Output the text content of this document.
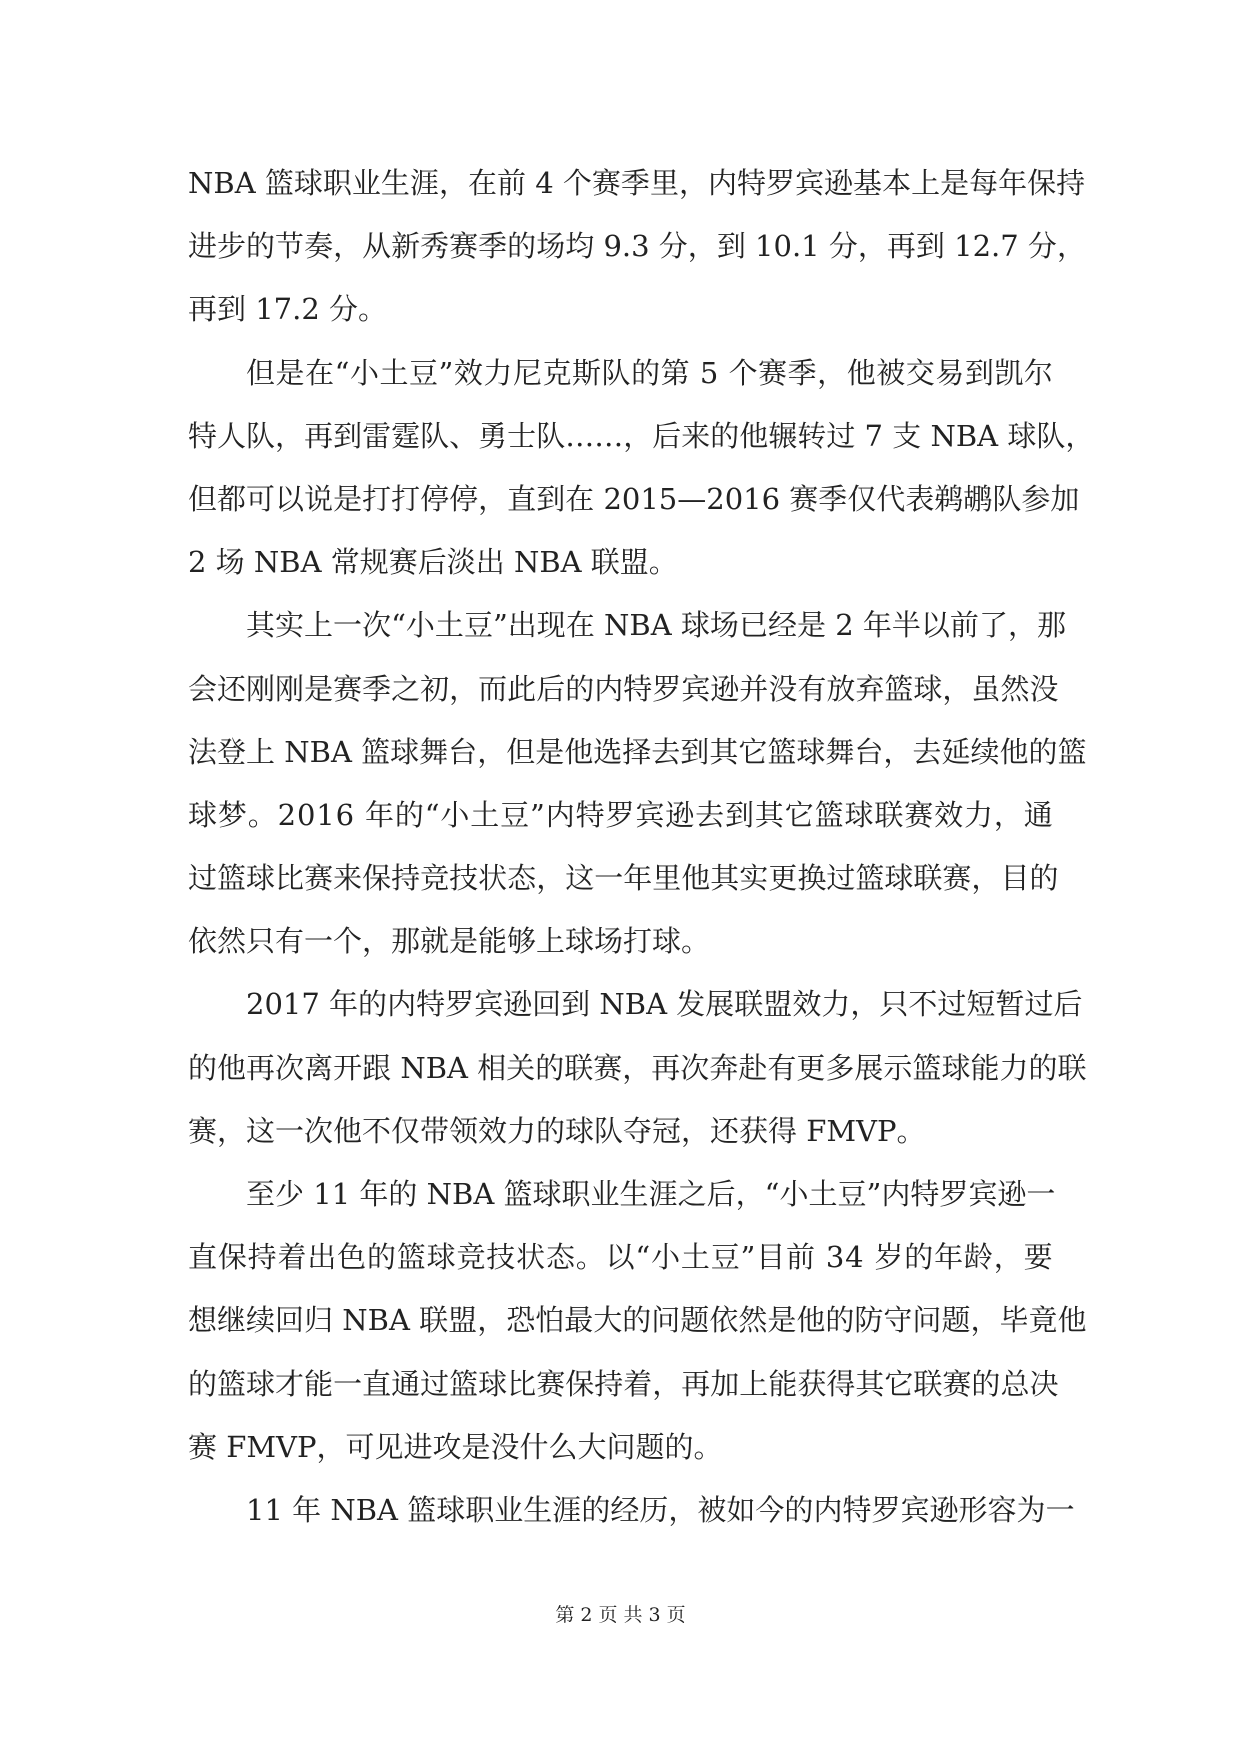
N B A
篮 球 职 业 生 涯 ， 在 前
4
个 赛 季 里 ， 内 特 罗 宾 逊 基 本 上 是 每 年 保 持
进 步 的 节 奏 ， 从 新 秀 赛 季 的 场 均
9 . 3
分 ， 到
1 0 . 1
分 ， 再 到
1 2 . 7
分 ，
再到 17.2 分。
但 是 在 “ 小 土 豆 ” 效 力 尼 克 斯 队 的 第
5
个 赛 季 ， 他 被 交 易 到 凯 尔
特 人 队 ， 再 到 雷 霆 队 、 勇 士 队 … … ， 后 来 的 他 辗 转 过
7
支
N B A
球 队 ，
但 都 可 以 说 是 打 打 停 停 ， 直 到 在
2 0 1 5 — 2 0 1 6
赛 季 仅 代 表 鹈 鹕 队 参 加
2 场 NBA 常规赛后淡出 NBA 联盟。
其 实 上 一 次 “ 小 土 豆 ” 出 现 在
N B A
球 场 已 经 是
2
年 半 以 前 了 ， 那
会 还 刚 刚 是 赛 季 之 初 ， 而 此 后 的 内 特 罗 宾 逊 并 没 有 放 弃 篮 球 ， 虽 然 没
法 登 上
N B A
篮 球 舞 台 ， 但 是 他 选 择 去 到 其 它 篮 球 舞 台 ， 去 延 续 他 的 篮
球 梦 。 2 0 1 6
年 的 “ 小 土 豆 ” 内 特 罗 宾 逊 去 到 其 它 篮 球 联 赛 效 力 ， 通
过 篮 球 比 赛 来 保 持 竞 技 状 态 ， 这 一 年 里 他 其 实 更 换 过 篮 球 联 赛 ， 目 的
依然只有一个，那就是能够上球场打球。
2 0 1 7
年 的 内 特 罗 宾 逊 回 到
N B A
发 展 联 盟 效 力 ， 只 不 过 短 暂 过 后
的 他 再 次 离 开 跟
N B A
相 关 的 联 赛 ， 再 次 奔 赴 有 更 多 展 示 篮 球 能 力 的 联
赛，这一次他不仅带领效力的球队夺冠，还获得 FMVP。
至 少
1 1
年 的
N B A
篮 球 职 业 生 涯 之 后 ， “ 小 土 豆 ” 内 特 罗 宾 逊 一
直 保 持 着 出 色 的 篮 球 竞 技 状 态 。 以 “ 小 土 豆 ” 目 前
3 4
岁 的 年 龄 ， 要
想 继 续 回 归
N B A
联 盟 ， 恐 怕 最 大 的 问 题 依 然 是 他 的 防 守 问 题 ， 毕 竟 他
的 篮 球 才 能 一 直 通 过 篮 球 比 赛 保 持 着 ， 再 加 上 能 获 得 其 它 联 赛 的 总 决
赛 FMVP，可见进攻是没什么大问题的。
1 1
年
N B A
篮 球 职 业 生 涯 的 经 历 ， 被 如 今 的 内 特 罗 宾 逊 形 容 为 一
第 2 页 共 3 页
